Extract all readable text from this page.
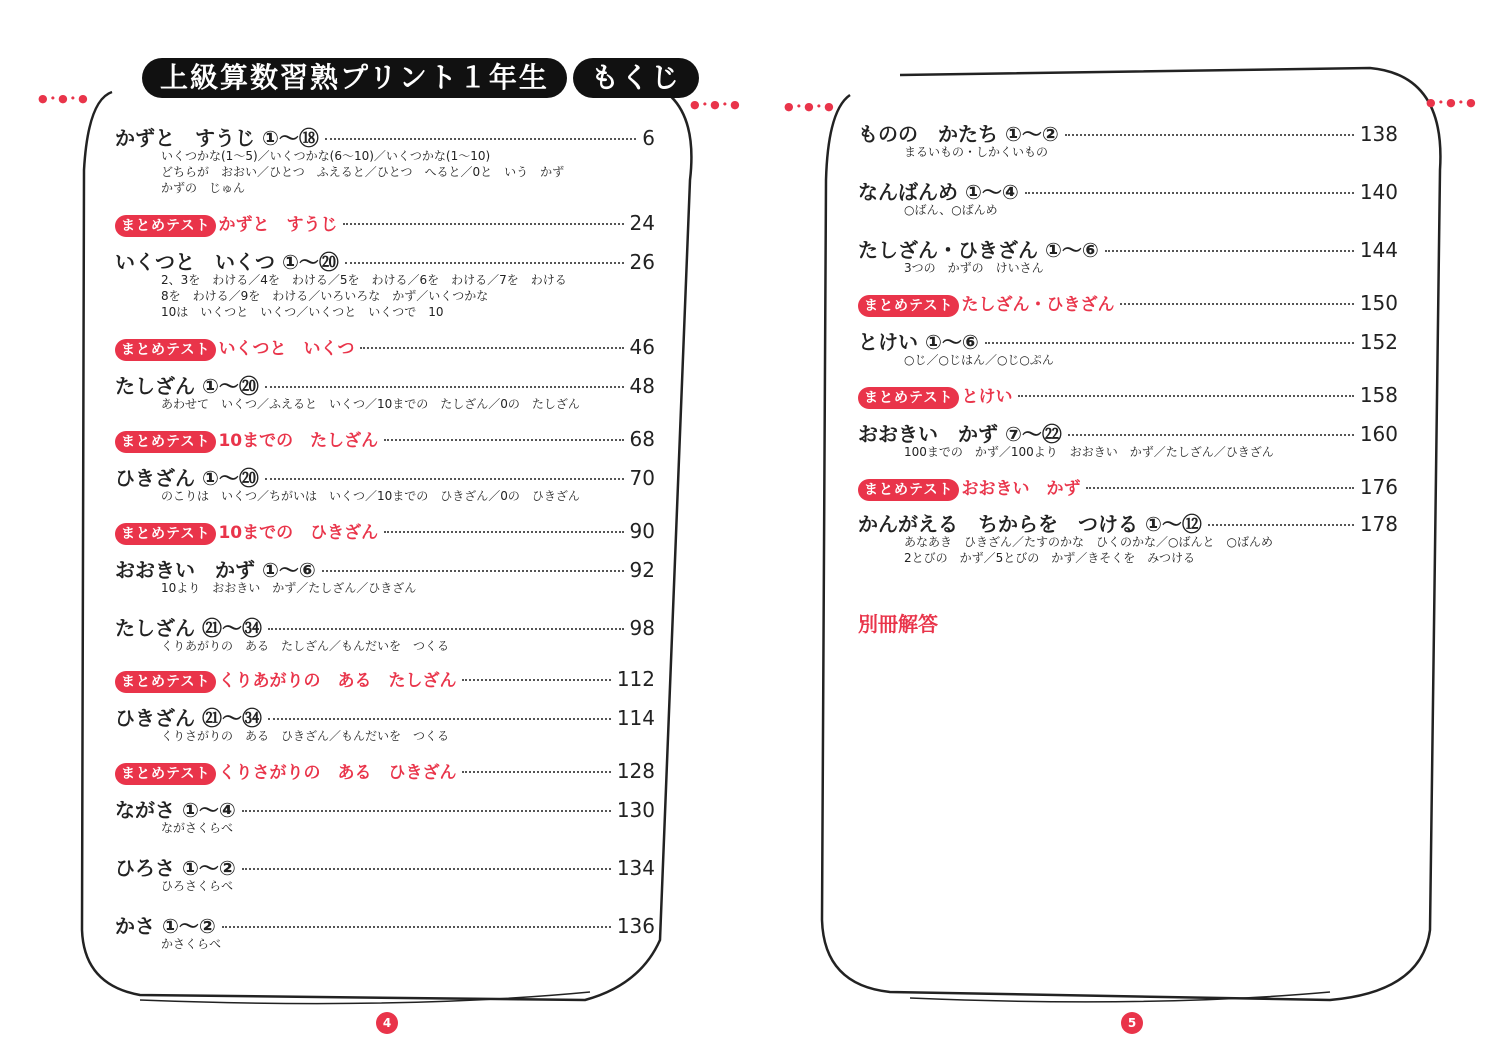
●•●•●	●•●•●
上級算数習熟プリント１年生	もくじ
かずと　すうじ ①～⑱	6
いくつかな(1～5)／いくつかな(6～10)／いくつかな(1～10)
どちらが　おおい／ひとつ　ふえると／ひとつ　へると／0と　いう　かず
かずの　じゅん
まとめテスト かずと　すうじ	24
いくつと　いくつ ①～⑳	26
2、3を　わける／4を　わける／5を　わける／6を　わける／7を　わける
8を　わける／9を　わける／いろいろな　かず／いくつかな
10は　いくつと　いくつ／いくつと　いくつで　10
まとめテスト いくつと　いくつ	46
たしざん ①～⑳	48
あわせて　いくつ／ふえると　いくつ／10までの　たしざん／0の　たしざん
まとめテスト 10までの　たしざん	68
ひきざん ①～⑳	70
のこりは　いくつ／ちがいは　いくつ／10までの　ひきざん／0の　ひきざん
まとめテスト 10までの　ひきざん	90
おおきい　かず ①～⑥	92
10より　おおきい　かず／たしざん／ひきざん
たしざん ㉑～㉞	98
くりあがりの　ある　たしざん／もんだいを　つくる
まとめテスト くりあがりの　ある　たしざん	112
ひきざん ㉑～㉞	114
くりさがりの　ある　ひきざん／もんだいを　つくる
まとめテスト くりさがりの　ある　ひきざん	128
ながさ ①～④	130
ながさくらべ
ひろさ ①～②	134
ひろさくらべ
かさ ①～②	136
かさくらべ
4
●•●•●	●•●•●
ものの　かたち ①～②	138
まるいもの・しかくいもの
なんばんめ ①～④	140
○ばん、○ばんめ
たしざん・ひきざん ①～⑥	144
3つの　かずの　けいさん
まとめテスト たしざん・ひきざん	150
とけい ①～⑥	152
○じ／○じはん／○じ○ぷん
まとめテスト とけい	158
おおきい　かず ⑦～㉒	160
100までの　かず／100より　おおきい　かず／たしざん／ひきざん
まとめテスト おおきい　かず	176
かんがえる　ちからを　つける ①～⑫	178
あなあき　ひきざん／たすのかな　ひくのかな／○ばんと　○ばんめ
2とびの　かず／5とびの　かず／きそくを　みつける
別冊解答
5
